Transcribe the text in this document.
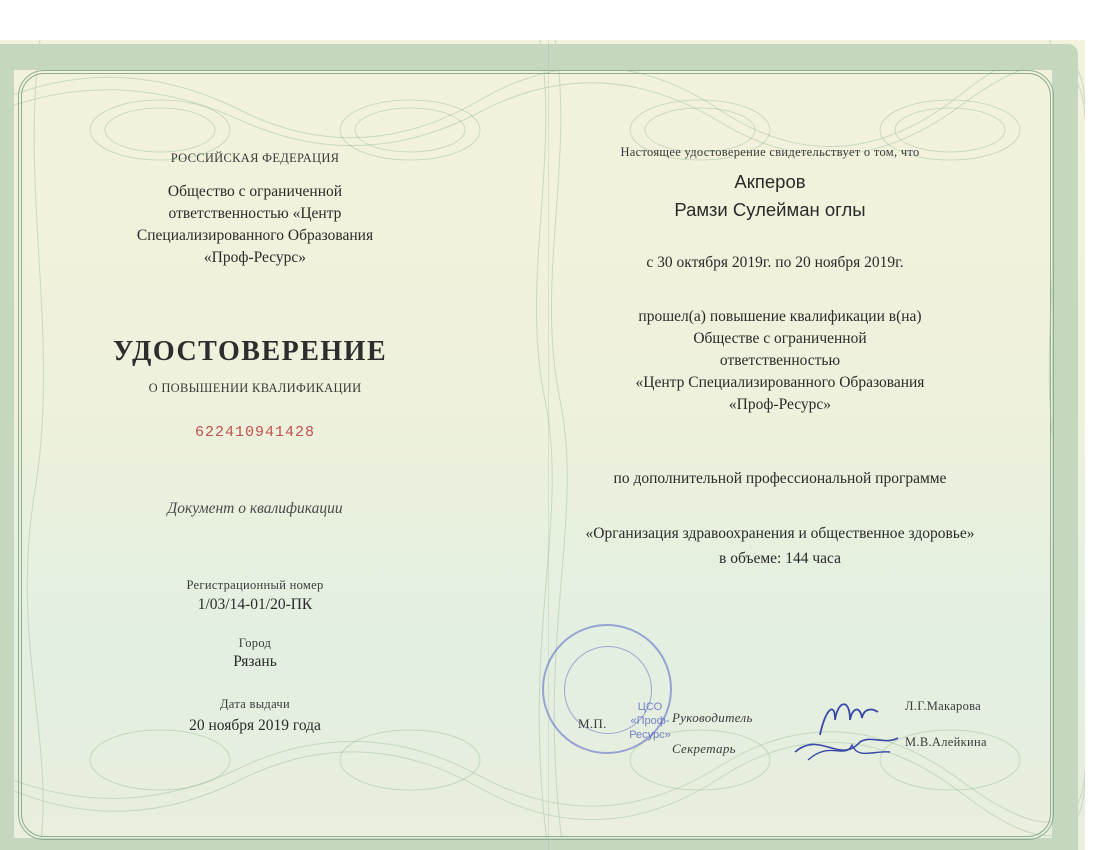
РОССИЙСКАЯ ФЕДЕРАЦИЯ
Общество с ограниченной
ответственностью «Центр
Специализированного Образования
«Проф-Ресурс»
УДОСТОВЕРЕНИЕ
О ПОВЫШЕНИИ КВАЛИФИКАЦИИ
622410941428
Документ о квалификации
Регистрационный номер
1/03/14-01/20-ПК
Город
Рязань
Дата выдачи
20 ноября 2019 года
Настоящее удостоверение свидетельствует о том, что
Акперов
Рамзи Сулейман оглы
с 30 октября 2019г. по 20 ноября 2019г.
прошел(а) повышение квалификации в(на)
Обществе с ограниченной
ответственностью
«Центр Специализированного Образования
«Проф-Ресурс»
по дополнительной профессиональной программе
«Организация здравоохранения и общественное здоровье»
в объеме: 144 часа
ЦСО
«Проф-Ресурс»
М.П.	Руководитель
Секретарь
Л.Г.Макарова
М.В.Алейкина
